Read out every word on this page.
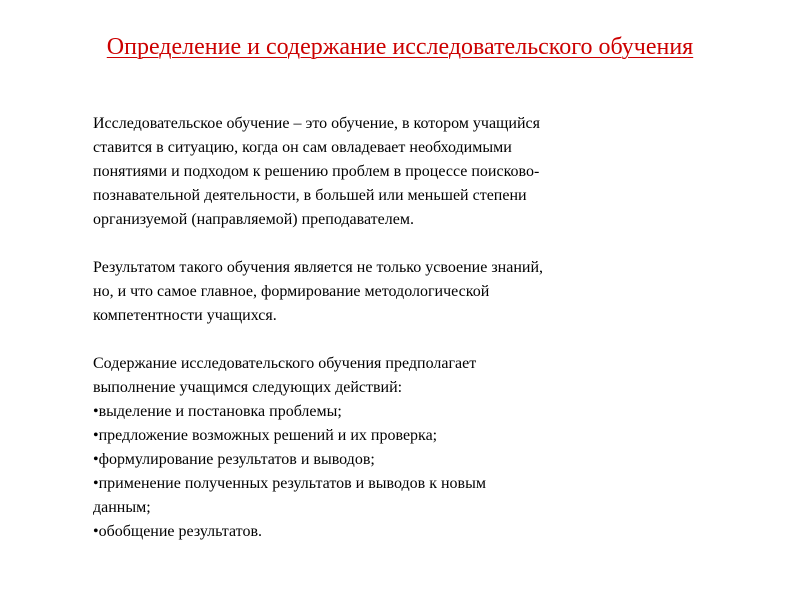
Определение и содержание исследовательского обучения

Исследовательское обучение – это обучение, в котором учащийся
ставится в ситуацию, когда он сам овладевает необходимыми
понятиями и подходом к решению проблем в процессе поисково-
познавательной деятельности, в большей или меньшей степени
организуемой (направляемой) преподавателем.

Результатом такого обучения является не только усвоение знаний,
но, и что самое главное, формирование методологической
компетентности учащихся.

Содержание исследовательского обучения предполагает
выполнение учащимся следующих действий:

•выделение и постановка проблемы;
•предложение возможных решений и их проверка;
•формулирование результатов и выводов;
•применение полученных результатов и выводов к новым
данным;
•обобщение результатов.
